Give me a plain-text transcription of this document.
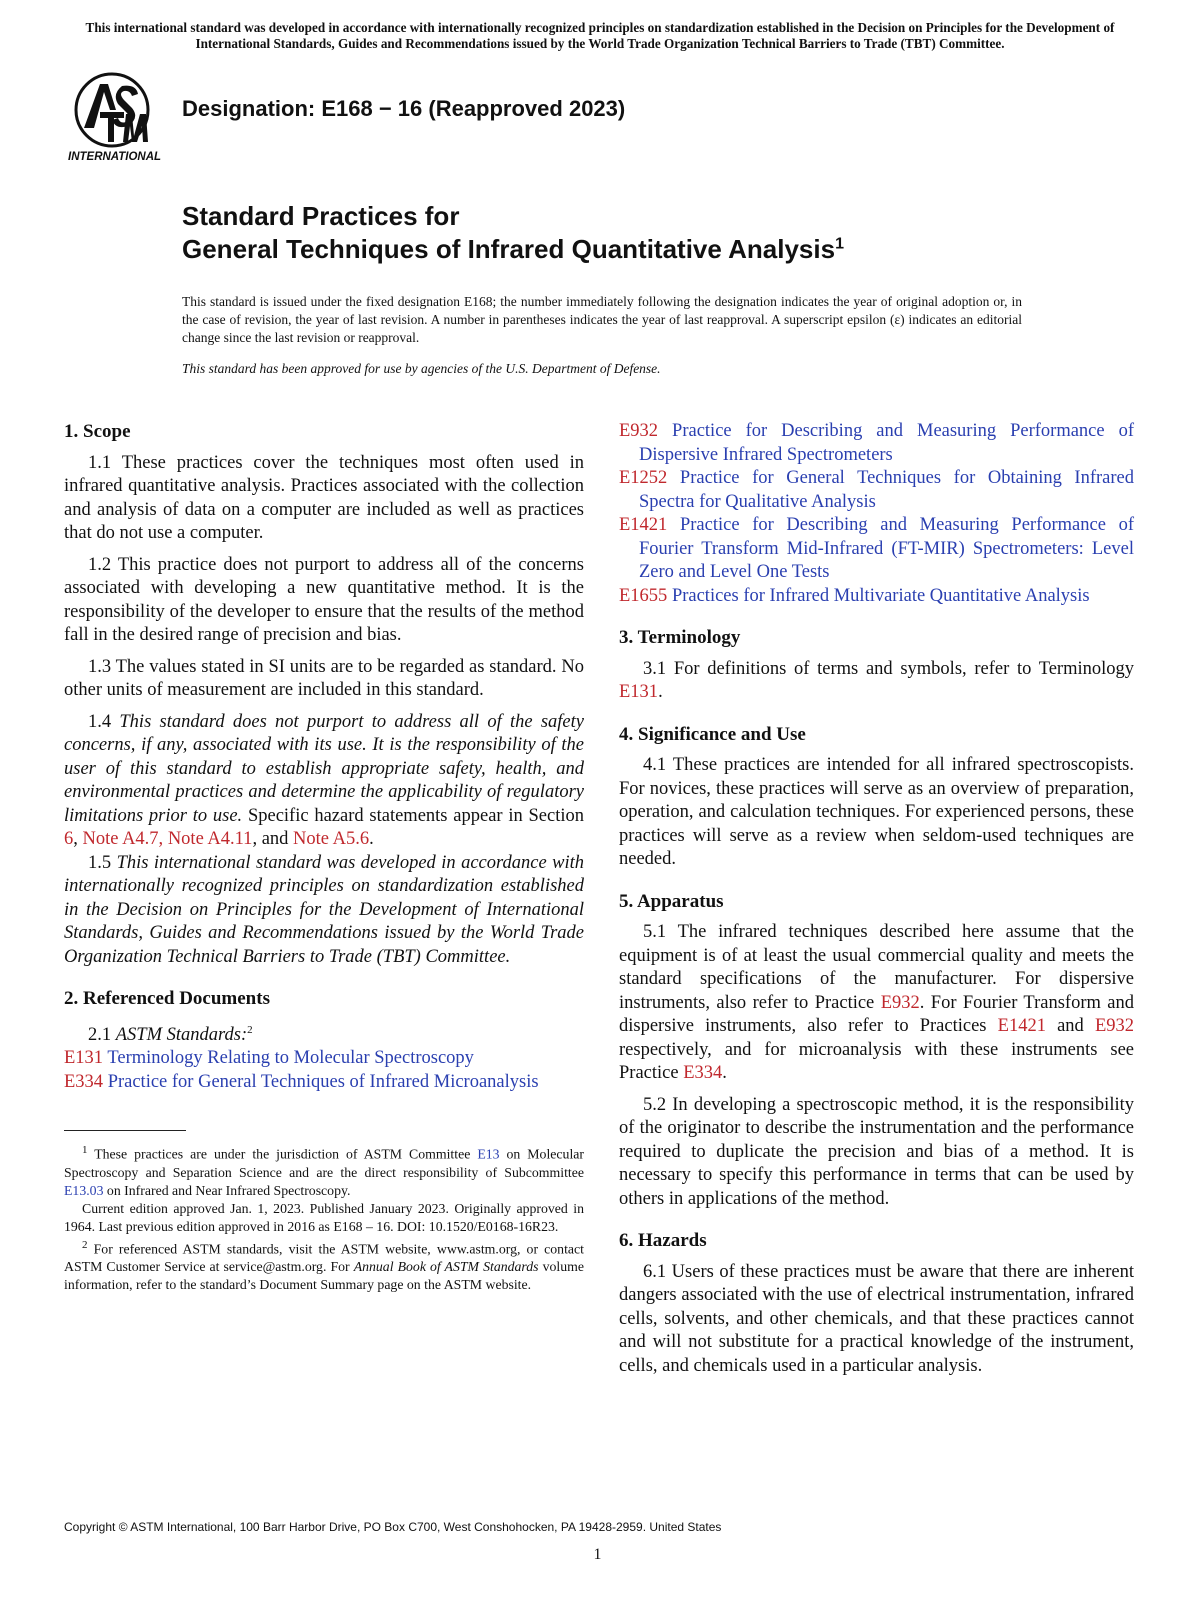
This international standard was developed in accordance with internationally recognized principles on standardization established in the Decision on Principles for the Development of International Standards, Guides and Recommendations issued by the World Trade Organization Technical Barriers to Trade (TBT) Committee.
INTERNATIONAL
Designation: E168 − 16 (Reapproved 2023)
Standard Practices for
General Techniques of Infrared Quantitative Analysis$^1$
This standard is issued under the fixed designation E168; the number immediately following the designation indicates the year of original adoption or, in the case of revision, the year of last revision. A number in parentheses indicates the year of last reapproval. A superscript epsilon (ε) indicates an editorial change since the last revision or reapproval.
This standard has been approved for use by agencies of the U.S. Department of Defense.
1. Scope

1.1 These practices cover the techniques most often used in infrared quantitative analysis. Practices associated with the collection and analysis of data on a computer are included as well as practices that do not use a computer.

1.2 This practice does not purport to address all of the concerns associated with developing a new quantitative method. It is the responsibility of the developer to ensure that the results of the method fall in the desired range of precision and bias.

1.3 The values stated in SI units are to be regarded as standard. No other units of measurement are included in this standard.

1.4 This standard does not purport to address all of the safety concerns, if any, associated with its use. It is the responsibility of the user of this standard to establish appropriate safety, health, and environmental practices and determine the applicability of regulatory limitations prior to use. Specific hazard statements appear in Section 6, Note A4.7, Note A4.11, and Note A5.6.

1.5 This international standard was developed in accordance with internationally recognized principles on standardization established in the Decision on Principles for the Development of International Standards, Guides and Recommendations issued by the World Trade Organization Technical Barriers to Trade (TBT) Committee.

2. Referenced Documents

2.1 ASTM Standards:$^2$

E131 Terminology Relating to Molecular Spectroscopy

E334 Practice for General Techniques of Infrared Microanalysis

$^1$ These practices are under the jurisdiction of ASTM Committee E13 on Molecular Spectroscopy and Separation Science and are the direct responsibility of Subcommittee E13.03 on Infrared and Near Infrared Spectroscopy.

Current edition approved Jan. 1, 2023. Published January 2023. Originally approved in 1964. Last previous edition approved in 2016 as E168 – 16. DOI: 10.1520/E0168-16R23.

$^2$ For referenced ASTM standards, visit the ASTM website, www.astm.org, or contact ASTM Customer Service at service@astm.org. For Annual Book of ASTM Standards volume information, refer to the standard’s Document Summary page on the ASTM website.

E932 Practice for Describing and Measuring Performance of Dispersive Infrared Spectrometers

E1252 Practice for General Techniques for Obtaining Infrared Spectra for Qualitative Analysis

E1421 Practice for Describing and Measuring Performance of Fourier Transform Mid-Infrared (FT-MIR) Spectrometers: Level Zero and Level One Tests

E1655 Practices for Infrared Multivariate Quantitative Analysis

3. Terminology

3.1 For definitions of terms and symbols, refer to Terminology E131.

4. Significance and Use

4.1 These practices are intended for all infrared spectroscopists. For novices, these practices will serve as an overview of preparation, operation, and calculation techniques. For experienced persons, these practices will serve as a review when seldom-used techniques are needed.

5. Apparatus

5.1 The infrared techniques described here assume that the equipment is of at least the usual commercial quality and meets the standard specifications of the manufacturer. For dispersive instruments, also refer to Practice E932. For Fourier Transform and dispersive instruments, also refer to Practices E1421 and E932 respectively, and for microanalysis with these instruments see Practice E334.

5.2 In developing a spectroscopic method, it is the responsibility of the originator to describe the instrumentation and the performance required to duplicate the precision and bias of a method. It is necessary to specify this performance in terms that can be used by others in applications of the method.

6. Hazards

6.1 Users of these practices must be aware that there are inherent dangers associated with the use of electrical instrumentation, infrared cells, solvents, and other chemicals, and that these practices cannot and will not substitute for a practical knowledge of the instrument, cells, and chemicals used in a particular analysis.

Copyright © ASTM International, 100 Barr Harbor Drive, PO Box C700, West Conshohocken, PA 19428-2959. United States
1
